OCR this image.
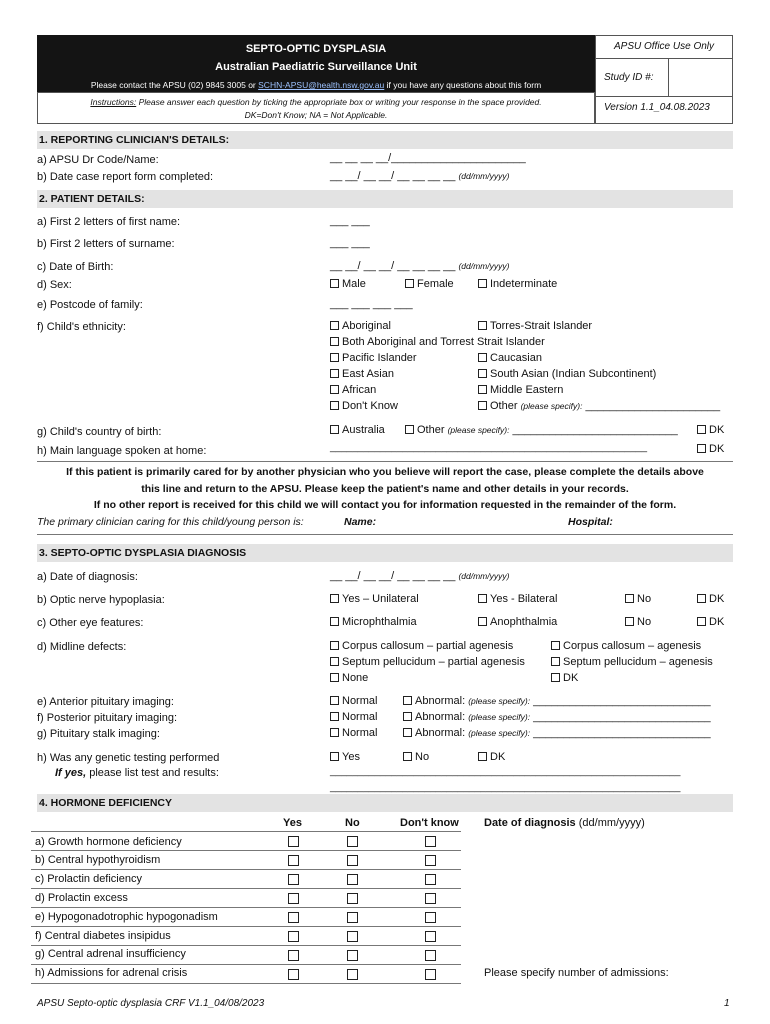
SEPTO-OPTIC DYSPLASIA
Australian Paediatric Surveillance Unit
Please contact the APSU (02) 9845 3005 or SCHN-APSU@health.nsw.gov.au if you have any questions about this form
Instructions: Please answer each question by ticking the appropriate box or writing your response in the space provided.
DK=Don't Know; NA = Not Applicable.
APSU Office Use Only
Study ID #:
Version 1.1_04.08.2023
1. REPORTING CLINICIAN'S DETAILS:
a) APSU Dr Code/Name:	__ __ __ __/______________________
b) Date case report form completed:	__ __/ __ __/ __ __ __ __ (dd/mm/yyyy)
2. PATIENT DETAILS:
a) First 2 letters of first name:	___ ___
b) First 2 letters of surname:	___ ___
c) Date of Birth:	__ __/ __ __/ __ __ __ __ (dd/mm/yyyy)
d) Sex:	Male	Female	Indeterminate
e) Postcode of family:	___ ___ ___ ___
f) Child's ethnicity:	Aboriginal	Torres-Strait Islander
Both Aboriginal and Torrest Strait Islander
Pacific Islander	Caucasian
East Asian	South Asian (Indian Subcontinent)
African	Middle Eastern
Don't Know	Other (please specify): ______________________
g) Child's country of birth:	Australia	Other (please specify): ___________________________	DK
h) Main language spoken at home:	_________________________________________________________	DK
If this patient is primarily cared for by another physician who you believe will report the case, please complete the details above
this line and return to the APSU. Please keep the patient's name and other details in your records.
If no other report is received for this child we will contact you for information requested in the remainder of the form.
The primary clinician caring for this child/young person is:	Name:	Hospital:
3. SEPTO-OPTIC DYSPLASIA DIAGNOSIS
a) Date of diagnosis:	__ __/ __ __/ __ __ __ __ (dd/mm/yyyy)
b) Optic nerve hypoplasia:	Yes – Unilateral	Yes - Bilateral	No	DK
c) Other eye features:	Microphthalmia	Anophthalmia	No	DK
d) Midline defects:	Corpus callosum – partial agenesis	Corpus callosum – agenesis
Septum pellucidum – partial agenesis	Septum pellucidum – agenesis
None	DK
e) Anterior pituitary imaging:	Normal	Abnormal: (please specify): _____________________________
f) Posterior pituitary imaging:	Normal	Abnormal: (please specify): _____________________________
g) Pituitary stalk imaging:	Normal	Abnormal: (please specify): _____________________________
h) Was any genetic testing performed
If yes, please list test and results:
Yes	No	DK
_______________________________________________________________
_______________________________________________________________
4. HORMONE DEFICIENCY
Yes	No	Don't know Date of diagnosis (dd/mm/yyyy)
a) Growth hormone deficiency
b) Central hypothyroidism
c) Prolactin deficiency
d) Prolactin excess
e) Hypogonadotrophic hypogonadism
f) Central diabetes insipidus
g) Central adrenal insufficiency
h) Admissions for adrenal crisis	Please specify number of admissions:
APSU Septo-optic dysplasia CRF V1.1_04/08/2023	1
